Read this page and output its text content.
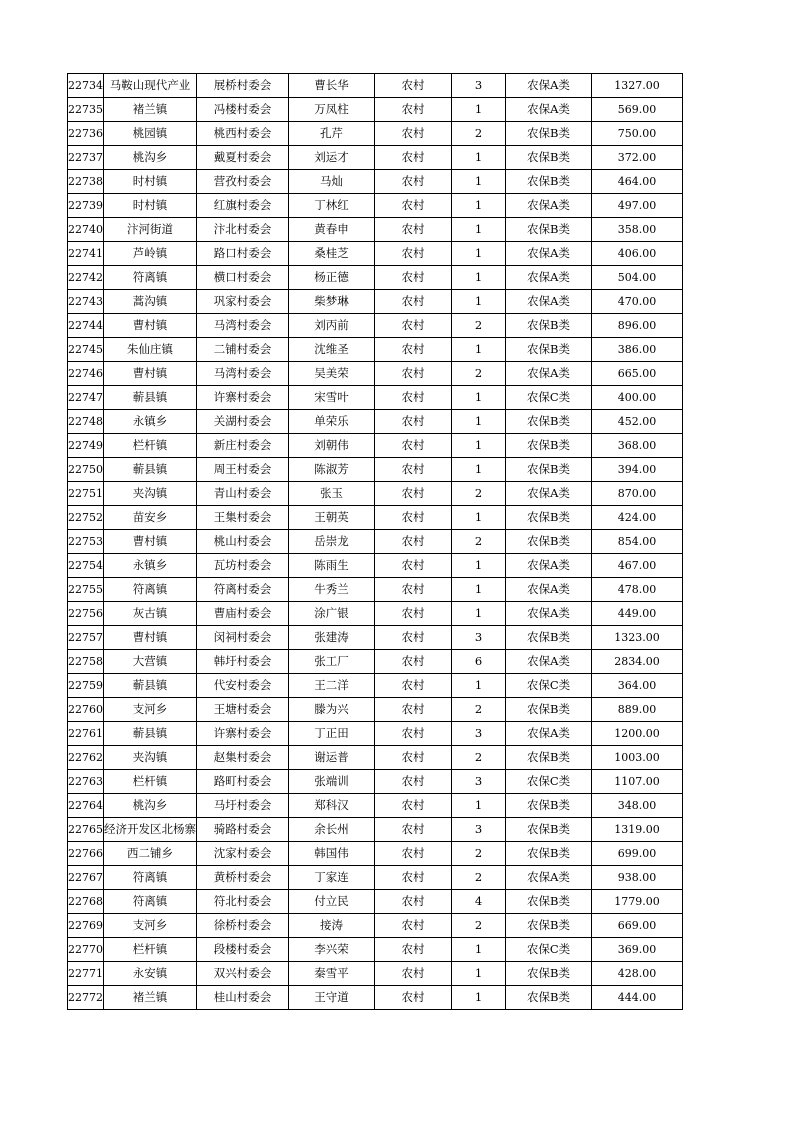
22734	马鞍山现代产业	展桥村委会	曹长华	农村	3	农保A类	1327.00
22735	褚兰镇	冯楼村委会	万凤柱	农村	1	农保A类	569.00
22736	桃园镇	桃西村委会	孔芹	农村	2	农保B类	750.00
22737	桃沟乡	戴夏村委会	刘运才	农村	1	农保B类	372.00
22738	时村镇	营孜村委会	马灿	农村	1	农保B类	464.00
22739	时村镇	红旗村委会	丁林红	农村	1	农保A类	497.00
22740	汴河街道	汴北村委会	黄春申	农村	1	农保B类	358.00
22741	芦岭镇	路口村委会	桑桂芝	农村	1	农保A类	406.00
22742	符离镇	横口村委会	杨正德	农村	1	农保A类	504.00
22743	蒿沟镇	巩家村委会	柴梦琳	农村	1	农保A类	470.00
22744	曹村镇	马湾村委会	刘丙前	农村	2	农保B类	896.00
22745	朱仙庄镇	二铺村委会	沈维圣	农村	1	农保B类	386.00
22746	曹村镇	马湾村委会	吴美荣	农村	2	农保A类	665.00
22747	蕲县镇	许寨村委会	宋雪叶	农村	1	农保C类	400.00
22748	永镇乡	关湖村委会	单荣乐	农村	1	农保B类	452.00
22749	栏杆镇	新庄村委会	刘朝伟	农村	1	农保B类	368.00
22750	蕲县镇	周王村委会	陈淑芳	农村	1	农保B类	394.00
22751	夹沟镇	青山村委会	张玉	农村	2	农保A类	870.00
22752	苗安乡	王集村委会	王朝英	农村	1	农保B类	424.00
22753	曹村镇	桃山村委会	岳崇龙	农村	2	农保B类	854.00
22754	永镇乡	瓦坊村委会	陈雨生	农村	1	农保A类	467.00
22755	符离镇	符离村委会	牛秀兰	农村	1	农保A类	478.00
22756	灰古镇	曹庙村委会	涂广银	农村	1	农保A类	449.00
22757	曹村镇	闵祠村委会	张建涛	农村	3	农保B类	1323.00
22758	大营镇	韩圩村委会	张工厂	农村	6	农保A类	2834.00
22759	蕲县镇	代安村委会	王二洋	农村	1	农保C类	364.00
22760	支河乡	王塘村委会	滕为兴	农村	2	农保B类	889.00
22761	蕲县镇	许寨村委会	丁正田	农村	3	农保A类	1200.00
22762	夹沟镇	赵集村委会	谢运普	农村	2	农保B类	1003.00
22763	栏杆镇	路町村委会	张端训	农村	3	农保C类	1107.00
22764	桃沟乡	马圩村委会	郑科汉	农村	1	农保B类	348.00
22765	经济开发区北杨寨	骑路村委会	余长州	农村	3	农保B类	1319.00
22766	西二铺乡	沈家村委会	韩国伟	农村	2	农保B类	699.00
22767	符离镇	黄桥村委会	丁家连	农村	2	农保A类	938.00
22768	符离镇	符北村委会	付立民	农村	4	农保B类	1779.00
22769	支河乡	徐桥村委会	接涛	农村	2	农保B类	669.00
22770	栏杆镇	段楼村委会	李兴荣	农村	1	农保C类	369.00
22771	永安镇	双兴村委会	秦雪平	农村	1	农保B类	428.00
22772	褚兰镇	桂山村委会	王守道	农村	1	农保B类	444.00
